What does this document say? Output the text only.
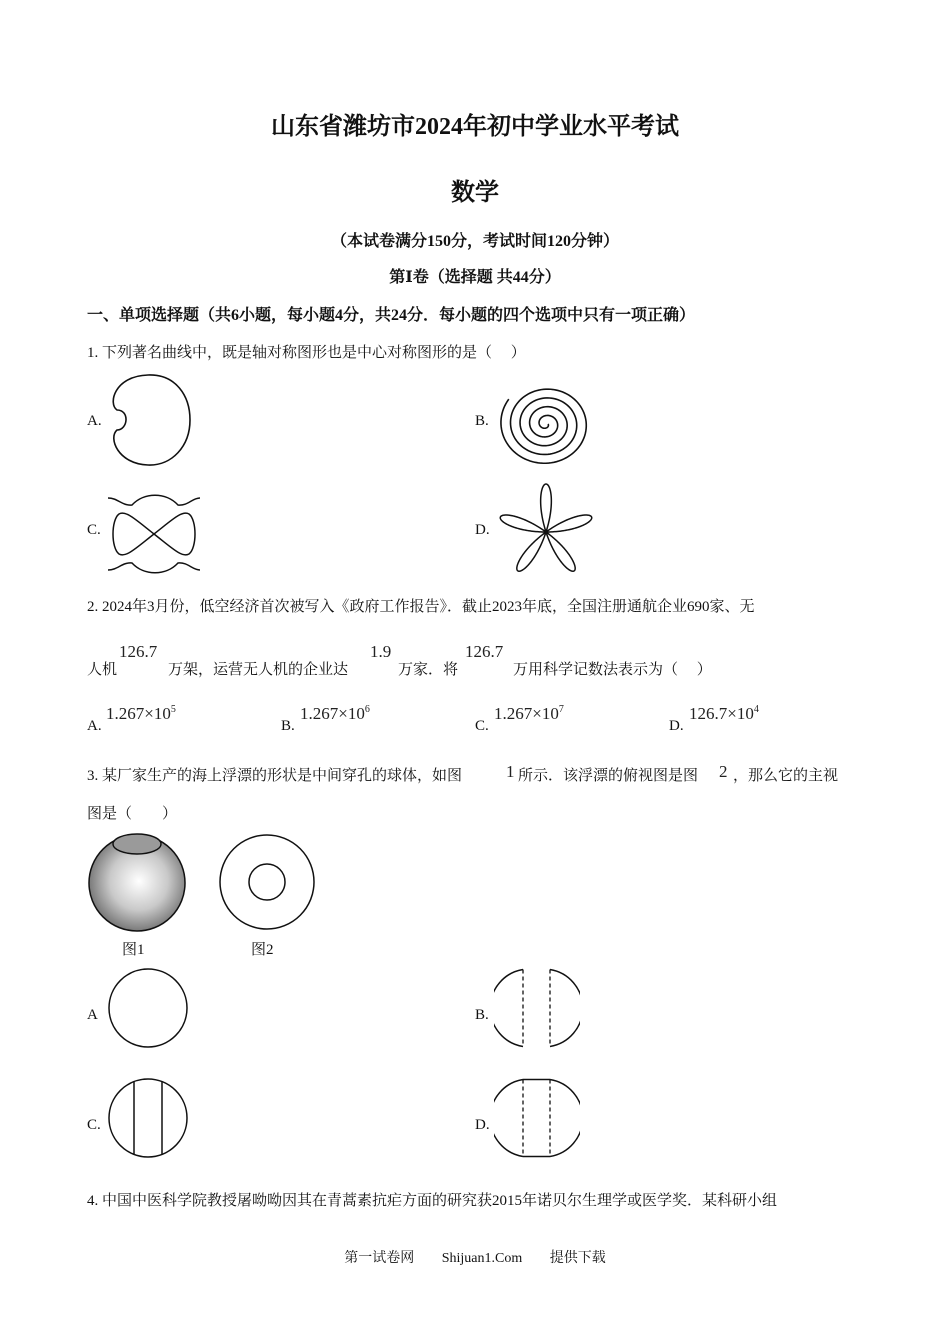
山东省潍坊市2024年初中学业水平考试
数学
（本试卷满分150分，考试时间120分钟）
第Ⅰ卷（选择题 共44分）
一、单项选择题（共6小题，每小题4分，共24分．每小题的四个选项中只有一项正确）
1. 下列著名曲线中，既是轴对称图形也是中心对称图形的是（　 ）
A.	B.
C.	D.
2. 2024年3月份，低空经济首次被写入《政府工作报告》．截止2023年底，全国注册通航企业690家、无
人机
126.7
万架，运营无人机的企业达
1.9
万家．将
126.7
万用科学记数法表示为（　 ）
A.
$1.267\times 10^5$
B.
$1.267\times 10^6$
C.
$1.267\times 10^7$
D.
$126.7\times 10^4$
3. 某厂家生产的海上浮漂的形状是中间穿孔的球体，如图	1 所示．该浮漂的俯视图是图 2 ，那么它的主视
图是（　　）
图1	图2
A	B.
C.	D.
4. 中国中医科学院教授屠呦呦因其在青蒿素抗疟方面的研究获2015年诺贝尔生理学或医学奖．某科研小组
第一试卷网 Shijuan1.Com 提供下载
